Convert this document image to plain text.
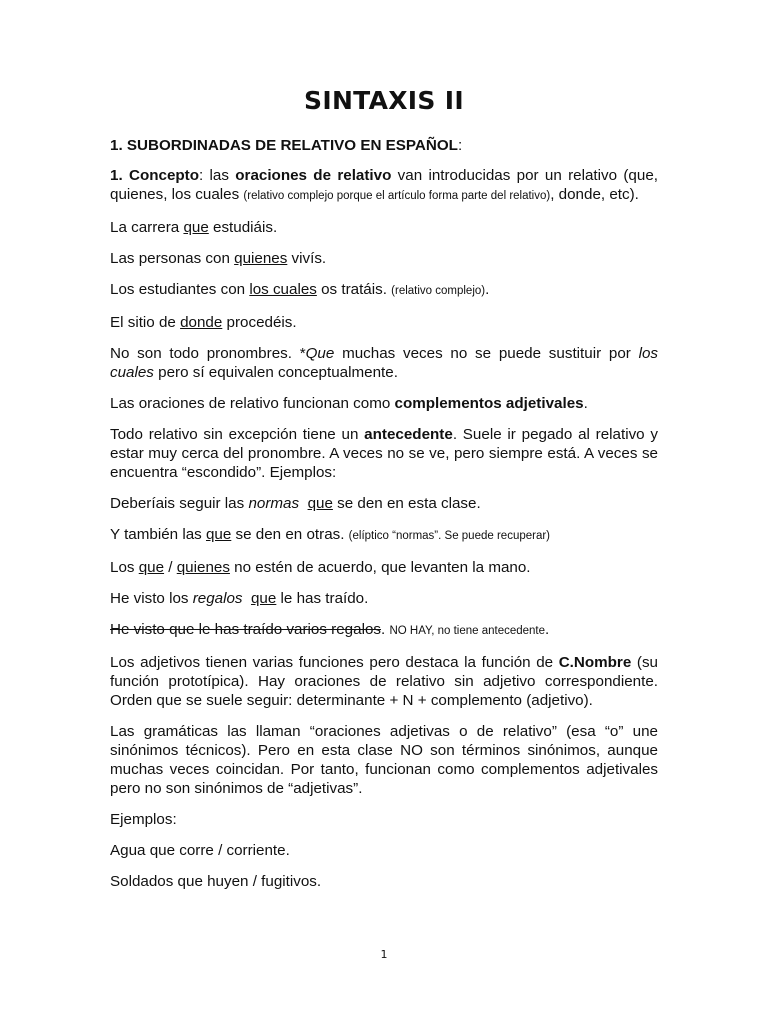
SINTAXIS II

1. SUBORDINADAS DE RELATIVO EN ESPAÑOL:

1. Concepto: las oraciones de relativo van introducidas por un relativo (que, quienes, los cuales (relativo complejo porque el artículo forma parte del relativo), donde, etc).

La carrera que estudiáis.

Las personas con quienes vivís.

Los estudiantes con los cuales os tratáis. (relativo complejo).

El sitio de donde procedéis.

No son todo pronombres. *Que muchas veces no se puede sustituir por los cuales pero sí equivalen conceptualmente.

Las oraciones de relativo funcionan como complementos adjetivales.

Todo relativo sin excepción tiene un antecedente. Suele ir pegado al relativo y estar muy cerca del pronombre. A veces no se ve, pero siempre está. A veces se encuentra “escondido”. Ejemplos:

Deberíais seguir las normas que se den en esta clase.

Y también las que se den en otras. (elíptico “normas”. Se puede recuperar)

Los que / quienes no estén de acuerdo, que levanten la mano.

He visto los regalos que le has traído.

He visto que le has traído varios regalos. NO HAY, no tiene antecedente.

Los adjetivos tienen varias funciones pero destaca la función de C.Nombre (su función prototípica). Hay oraciones de relativo sin adjetivo correspondiente. Orden que se suele seguir: determinante + N + complemento (adjetivo).

Las gramáticas las llaman “oraciones adjetivas o de relativo” (esa “o” une sinónimos técnicos). Pero en esta clase NO son términos sinónimos, aunque muchas veces coincidan. Por tanto, funcionan como complementos adjetivales pero no son sinónimos de “adjetivas”.

Ejemplos:

Agua que corre / corriente.

Soldados que huyen / fugitivos.

1
